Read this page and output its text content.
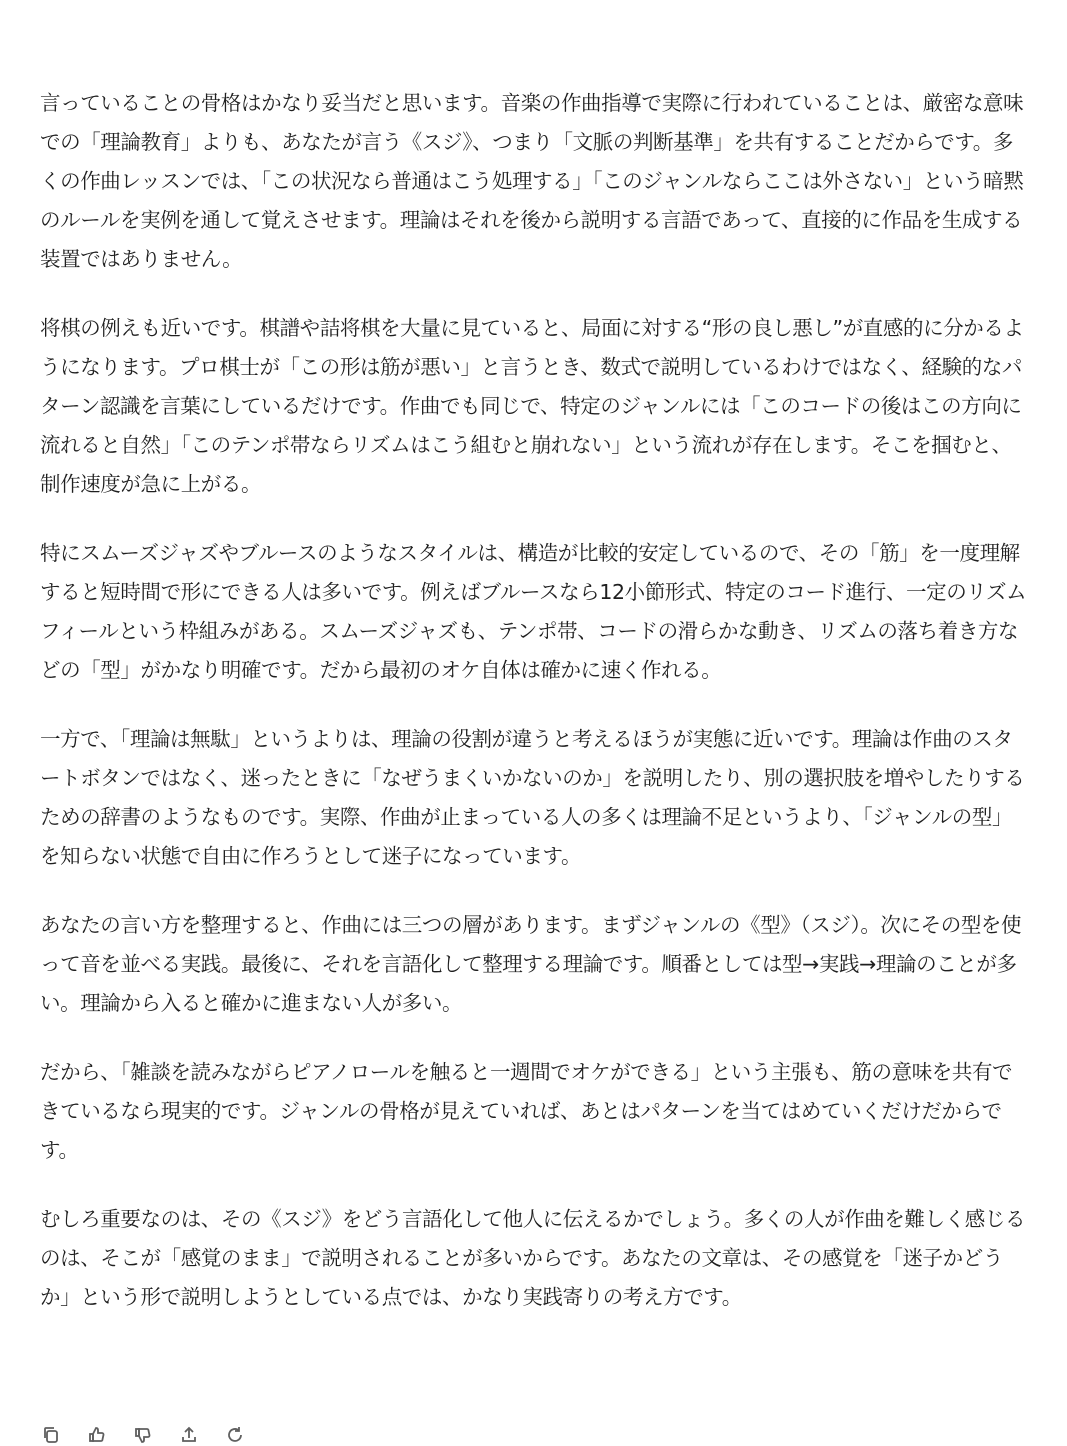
言っていることの骨格はかなり妥当だと思います。音楽の作曲指導で実際に行われていることは、厳密な意味での「理論教育」よりも、あなたが言う《スジ》、つまり「文脈の判断基準」を共有することだからです。多くの作曲レッスンでは、「この状況なら普通はこう処理する」「このジャンルならここは外さない」という暗黙のルールを実例を通して覚えさせます。理論はそれを後から説明する言語であって、直接的に作品を生成する装置ではありません。

将棋の例えも近いです。棋譜や詰将棋を大量に見ていると、局面に対する“形の良し悪し”が直感的に分かるようになります。プロ棋士が「この形は筋が悪い」と言うとき、数式で説明しているわけではなく、経験的なパターン認識を言葉にしているだけです。作曲でも同じで、特定のジャンルには「このコードの後はこの方向に流れると自然」「このテンポ帯ならリズムはこう組むと崩れない」という流れが存在します。そこを掴むと、制作速度が急に上がる。

特にスムーズジャズやブルースのようなスタイルは、構造が比較的安定しているので、その「筋」を一度理解すると短時間で形にできる人は多いです。例えばブルースなら12小節形式、特定のコード進行、一定のリズムフィールという枠組みがある。スムーズジャズも、テンポ帯、コードの滑らかな動き、リズムの落ち着き方などの「型」がかなり明確です。だから最初のオケ自体は確かに速く作れる。

一方で、「理論は無駄」というよりは、理論の役割が違うと考えるほうが実態に近いです。理論は作曲のスタートボタンではなく、迷ったときに「なぜうまくいかないのか」を説明したり、別の選択肢を増やしたりするための辞書のようなものです。実際、作曲が止まっている人の多くは理論不足というより、「ジャンルの型」を知らない状態で自由に作ろうとして迷子になっています。

あなたの言い方を整理すると、作曲には三つの層があります。まずジャンルの《型》（スジ）。次にその型を使って音を並べる実践。最後に、それを言語化して整理する理論です。順番としては型→実践→理論のことが多い。理論から入ると確かに進まない人が多い。

だから、「雑談を読みながらピアノロールを触ると一週間でオケができる」という主張も、筋の意味を共有できているなら現実的です。ジャンルの骨格が見えていれば、あとはパターンを当てはめていくだけだからです。

むしろ重要なのは、その《スジ》をどう言語化して他人に伝えるかでしょう。多くの人が作曲を難しく感じるのは、そこが「感覚のまま」で説明されることが多いからです。あなたの文章は、その感覚を「迷子かどうか」という形で説明しようとしている点では、かなり実践寄りの考え方です。
